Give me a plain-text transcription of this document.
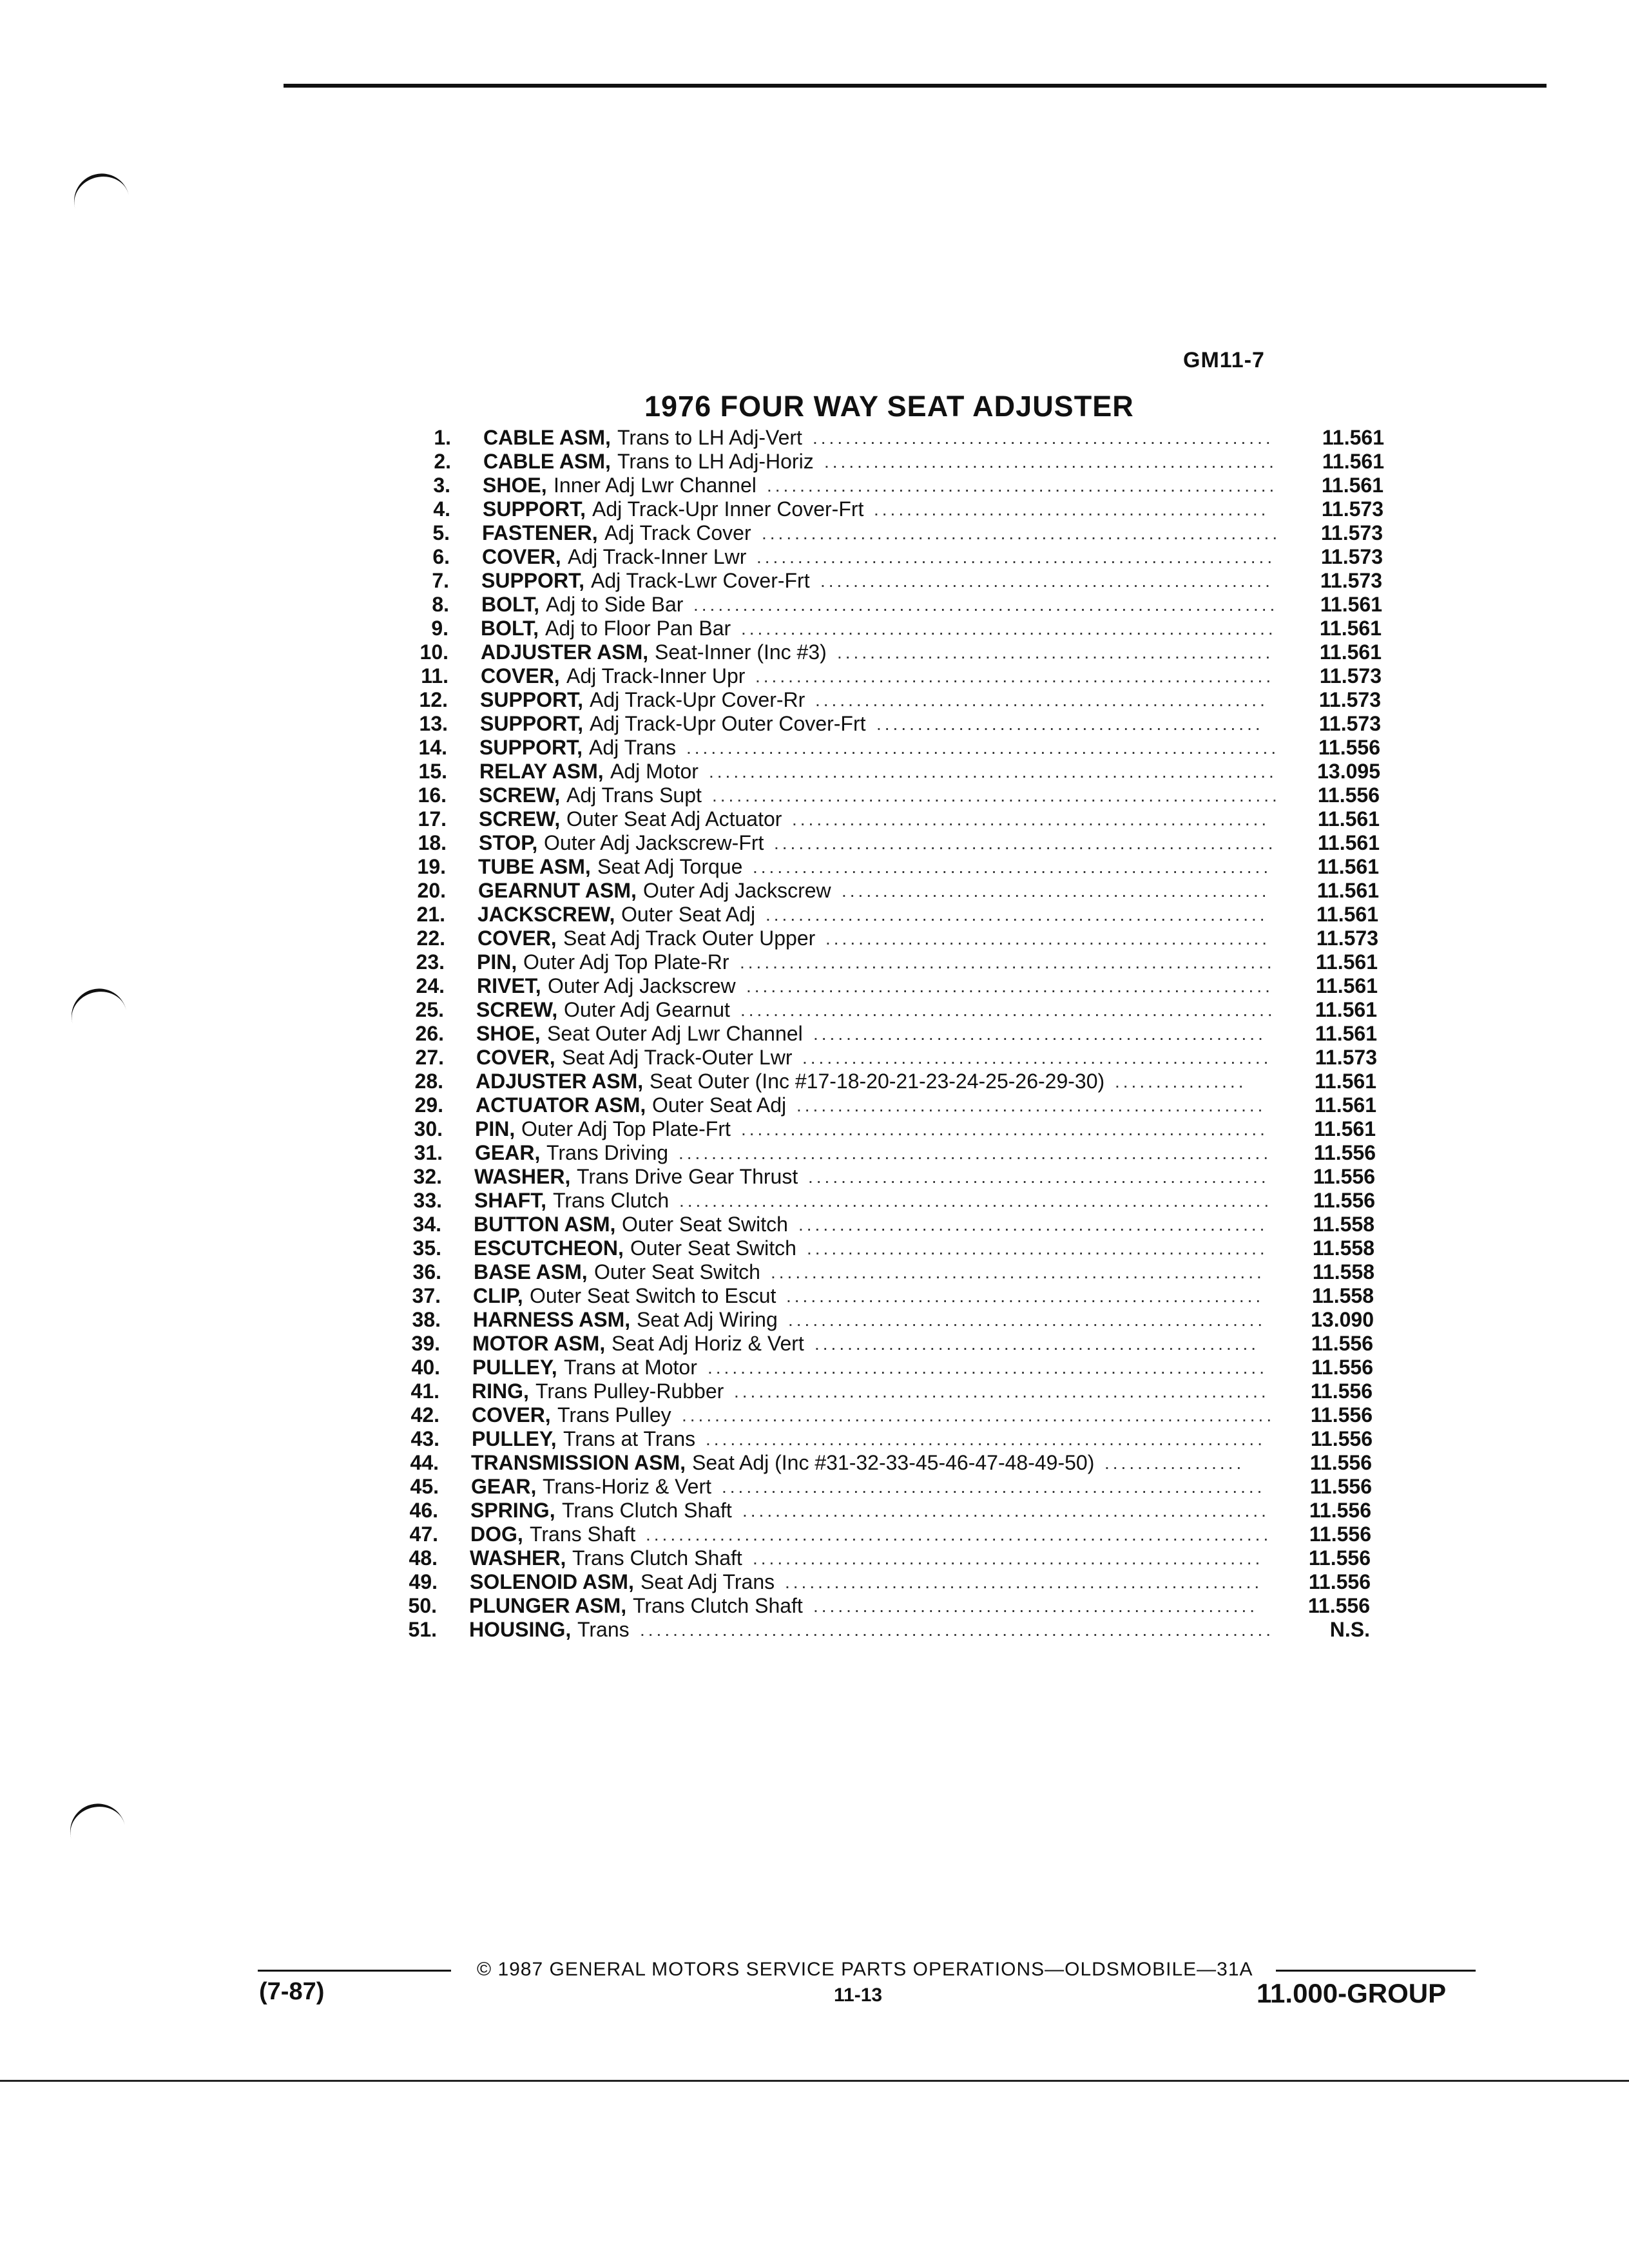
GM11-7
1976 FOUR WAY SEAT ADJUSTER
1. CABLE ASM, Trans to LH Adj-Vert ........................................................ 11.561
2. CABLE ASM, Trans to LH Adj-Horiz ....................................................... 11.561
3. SHOE, Inner Adj Lwr Channel .............................................................. 11.561
4. SUPPORT, Adj Track-Upr Inner Cover-Frt ................................................	11.573
5. FASTENER, Adj Track Cover ............................................................... 11.573
6. COVER, Adj Track-Inner Lwr ............................................................... 11.573
7. SUPPORT, Adj Track-Lwr Cover-Frt ....................................................... 11.573
8. BOLT, Adj to Side Bar ....................................................................... 11.561
9. BOLT, Adj to Floor Pan Bar ................................................................. 11.561
10. ADJUSTER ASM, Seat-Inner (Inc #3) ..................................................... 11.561
11. COVER, Adj Track-Inner Upr ............................................................... 11.573
12. SUPPORT, Adj Track-Upr Cover-Rr ....................................................... 11.573
13. SUPPORT, Adj Track-Upr Outer Cover-Frt ...............................................	11.573
14. SUPPORT, Adj Trans ........................................................................ 11.556
15. RELAY ASM, Adj Motor ..................................................................... 13.095
16. SCREW, Adj Trans Supt ..................................................................... 11.556
17. SCREW, Outer Seat Adj Actuator .......................................................... 11.561
18. STOP, Outer Adj Jackscrew-Frt ............................................................. 11.561
19. TUBE ASM, Seat Adj Torque ............................................................... 11.561
20. GEARNUT ASM, Outer Adj Jackscrew .................................................... 11.561
21. JACKSCREW, Outer Seat Adj ............................................................. 11.561
22. COVER, Seat Adj Track Outer Upper ...................................................... 11.573
23. PIN, Outer Adj Top Plate-Rr ................................................................. 11.561
24. RIVET, Outer Adj Jackscrew ................................................................ 11.561
25. SCREW, Outer Adj Gearnut ................................................................. 11.561
26. SHOE, Seat Outer Adj Lwr Channel ....................................................... 11.561
27. COVER, Seat Adj Track-Outer Lwr ......................................................... 11.573
28. ADJUSTER ASM, Seat Outer (Inc #17-18-20-21-23-24-25-26-29-30) ................	11.561
29. ACTUATOR ASM, Outer Seat Adj ......................................................... 11.561
30. PIN, Outer Adj Top Plate-Frt ................................................................ 11.561
31. GEAR, Trans Driving ........................................................................ 11.556
32. WASHER, Trans Drive Gear Thrust ........................................................ 11.556
33. SHAFT, Trans Clutch ........................................................................ 11.556
34. BUTTON ASM, Outer Seat Switch ......................................................... 11.558
35. ESCUTCHEON, Outer Seat Switch ........................................................ 11.558
36. BASE ASM, Outer Seat Switch ............................................................ 11.558
37. CLIP, Outer Seat Switch to Escut .......................................................... 11.558
38. HARNESS ASM, Seat Adj Wiring .......................................................... 13.090
39. MOTOR ASM, Seat Adj Horiz & Vert ......................................................	11.556
40. PULLEY, Trans at Motor .................................................................... 11.556
41. RING, Trans Pulley-Rubber ................................................................. 11.556
42. COVER, Trans Pulley ........................................................................ 11.556
43. PULLEY, Trans at Trans .................................................................... 11.556
44. TRANSMISSION ASM, Seat Adj (Inc #31-32-33-45-46-47-48-49-50) .................	11.556
45. GEAR, Trans-Horiz & Vert .................................................................. 11.556
46. SPRING, Trans Clutch Shaft ................................................................ 11.556
47. DOG, Trans Shaft ............................................................................ 11.556
48. WASHER, Trans Clutch Shaft .............................................................. 11.556
49. SOLENOID ASM, Seat Adj Trans .......................................................... 11.556
50. PLUNGER ASM, Trans Clutch Shaft ...................................................... 11.556
51. HOUSING, Trans .............................................................................	N.S.
(7-87)
© 1987 GENERAL MOTORS SERVICE PARTS OPERATIONS—OLDSMOBILE—31A
11-13	11.000-GROUP
